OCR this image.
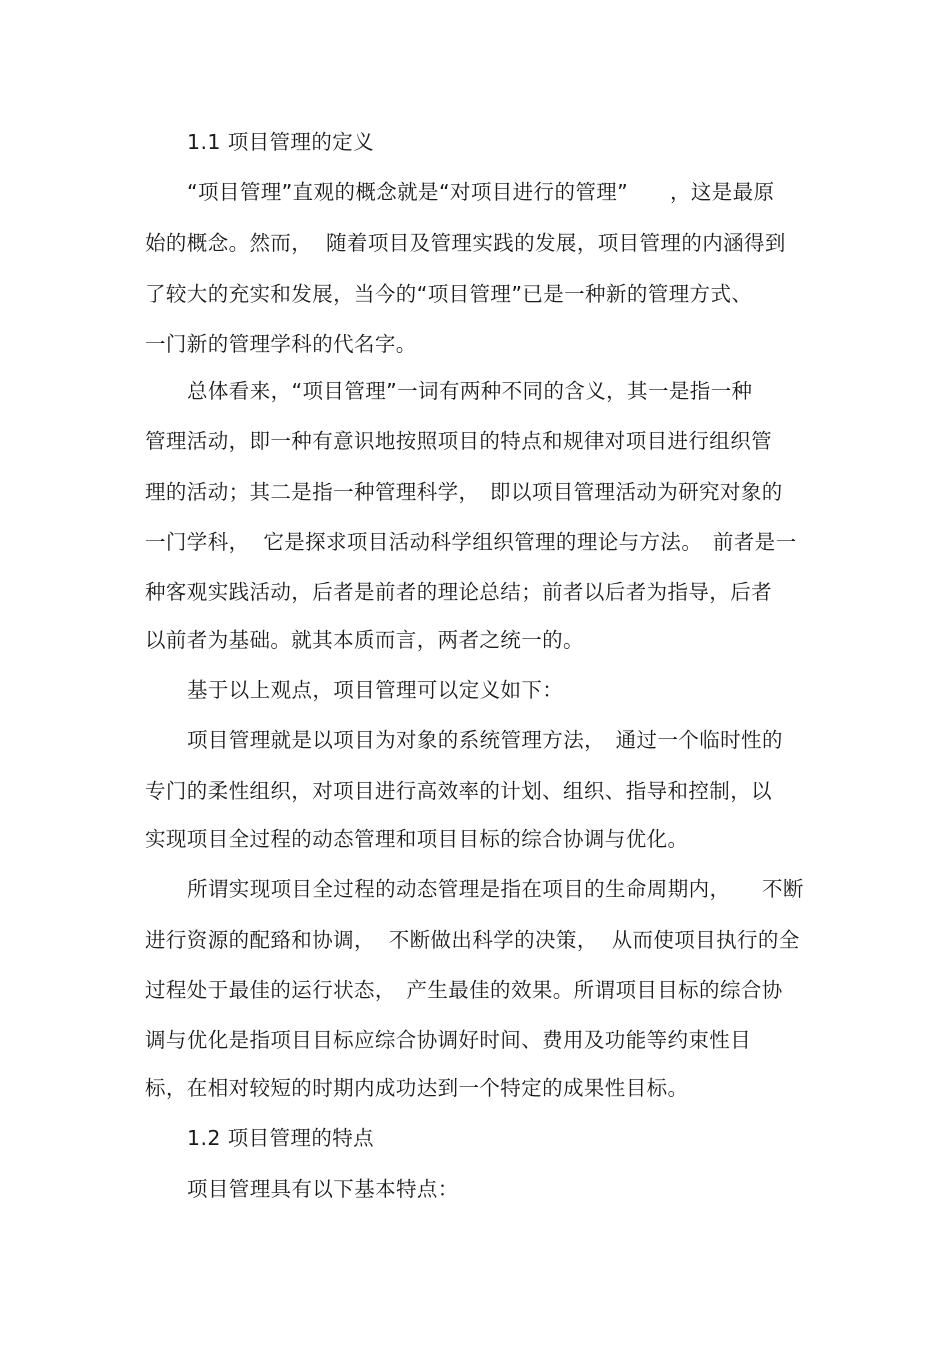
1.1 项目管理的定义
“项目管理”直观的概念就是“对项目进行的管理”　　，这是最原
始的概念。然而，  随着项目及管理实践的发展，项目管理的内涵得到
了较大的充实和发展，当今的“项目管理”已是一种新的管理方式、
一门新的管理学科的代名字。
总体看来，“项目管理”一词有两种不同的含义，其一是指一种
管理活动，即一种有意识地按照项目的特点和规律对项目进行组织管
理的活动；其二是指一种管理科学，　即以项目管理活动为研究对象的
一门学科，  它是探求项目活动科学组织管理的理论与方法。　前者是一
种客观实践活动，后者是前者的理论总结；前者以后者为指导，后者
以前者为基础。就其本质而言，两者之统一的。
基于以上观点，项目管理可以定义如下：
项目管理就是以项目为对象的系统管理方法，　通过一个临时性的
专门的柔性组织，对项目进行高效率的计划、组织、指导和控制，以
实现项目全过程的动态管理和项目目标的综合协调与优化。
所谓实现项目全过程的动态管理是指在项目的生命周期内，　　不断
进行资源的配臵和协调，  不断做出科学的决策，  从而使项目执行的全
过程处于最佳的运行状态，　产生最佳的效果。所谓项目目标的综合协
调与优化是指项目目标应综合协调好时间、费用及功能等约束性目
标，在相对较短的时期内成功达到一个特定的成果性目标。
1.2 项目管理的特点
项目管理具有以下基本特点：
